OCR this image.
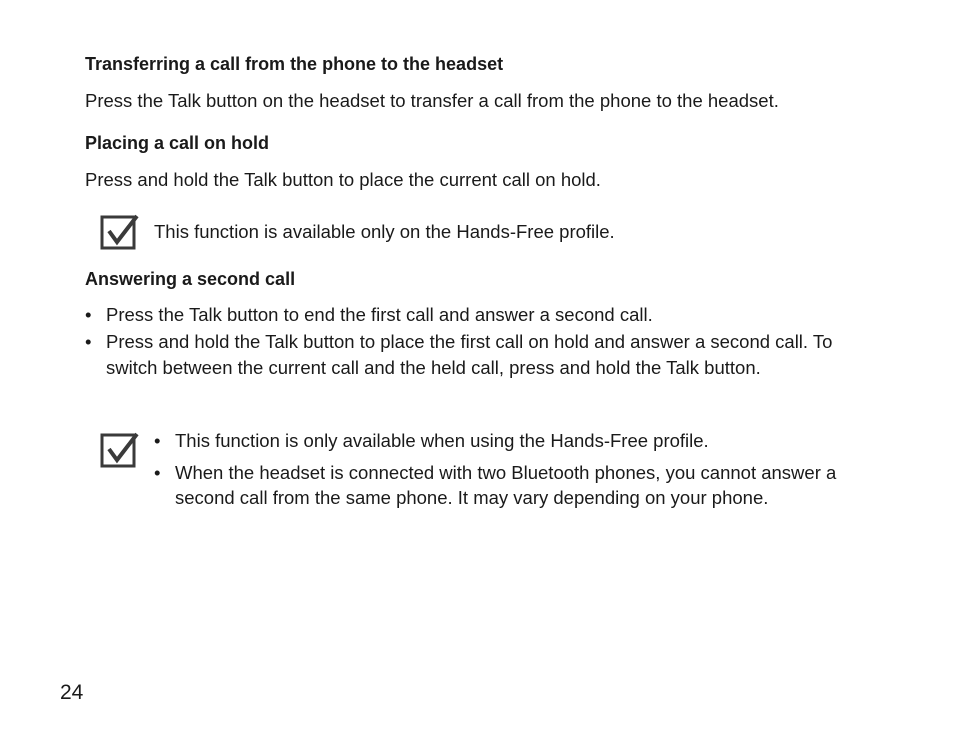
Transferring a call from the phone to the headset
Press the Talk button on the headset to transfer a call from the phone to the headset.
Placing a call on hold
Press and hold the Talk button to place the current call on hold.
This function is available only on the Hands-Free profile.
Answering a second call
• Press the Talk button to end the first call and answer a second call.
• Press and hold the Talk button to place the first call on hold and answer a second call. To switch between the current call and the held call, press and hold the Talk button.
• This function is only available when using the Hands-Free profile.
• When the headset is connected with two Bluetooth phones, you cannot answer a second call from the same phone. It may vary depending on your phone.
24
